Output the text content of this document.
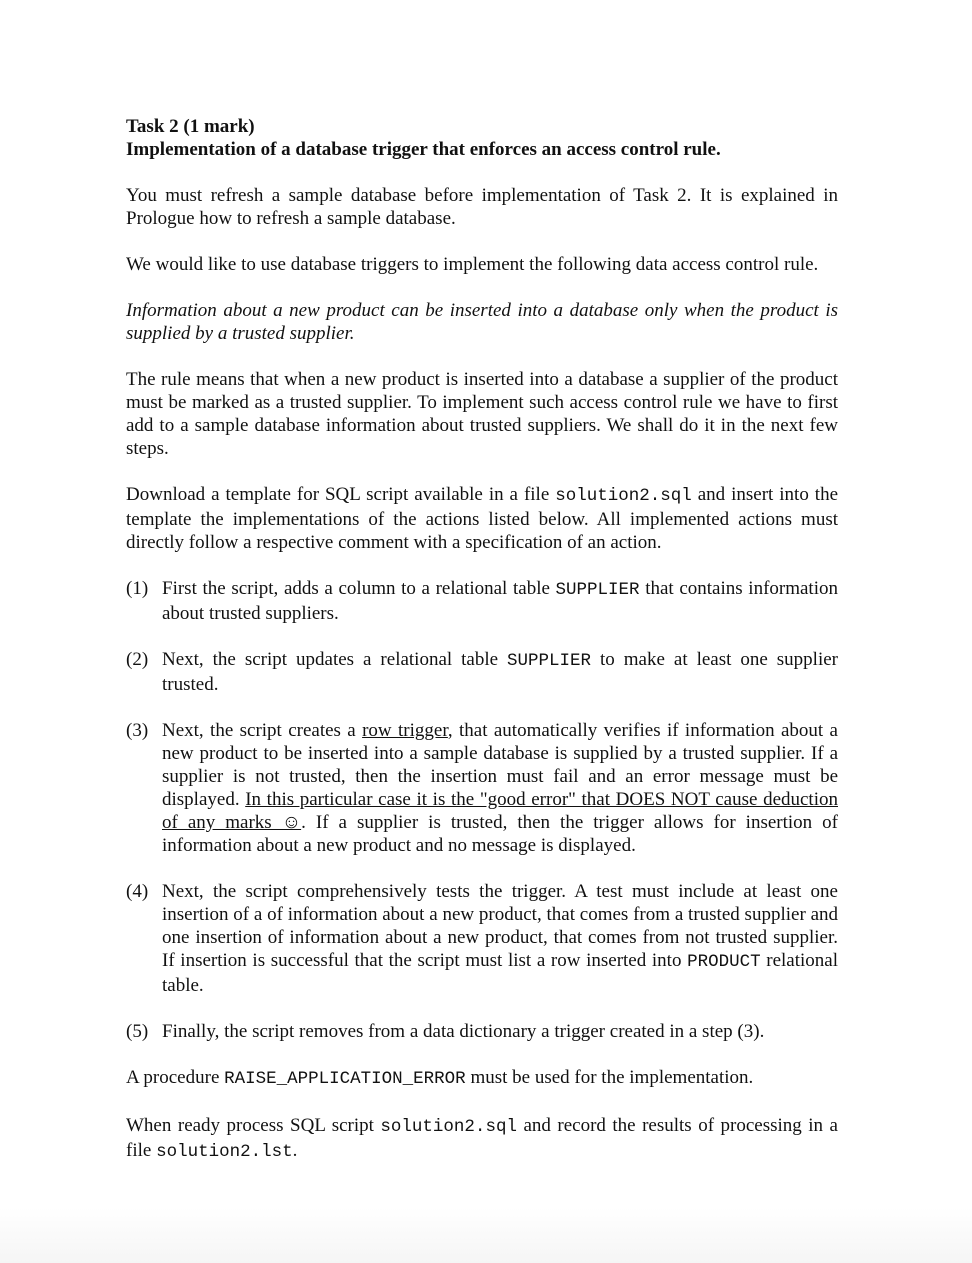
Task 2 (1 mark)
Implementation of a database trigger that enforces an access control rule.

You must refresh a sample database before implementation of Task 2. It is explained in Prologue how to refresh a sample database.

We would like to use database triggers to implement the following data access control rule.

Information about a new product can be inserted into a database only when the product is supplied by a trusted supplier.

The rule means that when a new product is inserted into a database a supplier of the product must be marked as a trusted supplier. To implement such access control rule we have to first add to a sample database information about trusted suppliers. We shall do it in the next few steps.

Download a template for SQL script available in a file solution2.sql and insert into the template the implementations of the actions listed below. All implemented actions must directly follow a respective comment with a specification of an action.

(1) First the script, adds a column to a relational table SUPPLIER that contains information about trusted suppliers.
(2) Next, the script updates a relational table SUPPLIER to make at least one supplier trusted.
(3) Next, the script creates a row trigger, that automatically verifies if information about a new product to be inserted into a sample database is supplied by a trusted supplier. If a supplier is not trusted, then the insertion must fail and an error message must be displayed. In this particular case it is the "good error" that DOES NOT cause deduction of any marks ☺. If a supplier is trusted, then the trigger allows for insertion of information about a new product and no message is displayed.
(4) Next, the script comprehensively tests the trigger. A test must include at least one insertion of a of information about a new product, that comes from a trusted supplier and one insertion of information about a new product, that comes from not trusted supplier. If insertion is successful that the script must list a row inserted into PRODUCT relational table.
(5) Finally, the script removes from a data dictionary a trigger created in a step (3).

A procedure RAISE_APPLICATION_ERROR must be used for the implementation.

When ready process SQL script solution2.sql and record the results of processing in a file solution2.lst.
